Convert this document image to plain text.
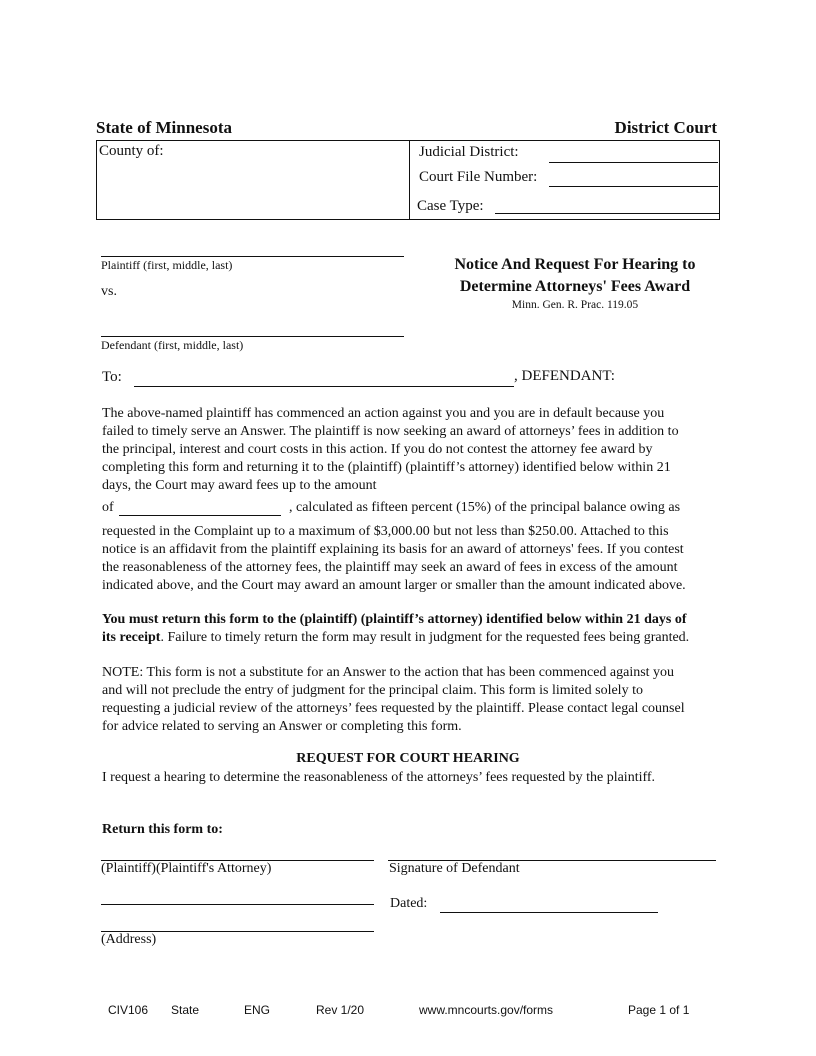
State of Minnesota	District Court
County of:	Judicial District:
Court File Number:
Case Type:
Plaintiff (first, middle, last)
vs.
Defendant (first, middle, last)
Notice And Request For Hearing to
Determine Attorneys' Fees Award
Minn. Gen. R. Prac. 119.05
To:	, DEFENDANT:
The above-named plaintiff has commenced an action against you and you are in default because you
failed to timely serve an Answer. The plaintiff is now seeking an award of attorneys’ fees in addition to
the principal, interest and court costs in this action. If you do not contest the attorney fee award by
completing this form and returning it to the (plaintiff) (plaintiff’s attorney) identified below within 21
days, the Court may award fees up to the amount
of	, calculated as fifteen percent (15%) of the principal balance owing as
requested in the Complaint up to a maximum of $3,000.00 but not less than $250.00. Attached to this
notice is an affidavit from the plaintiff explaining its basis for an award of attorneys' fees. If you contest
the reasonableness of the attorney fees, the plaintiff may seek an award of fees in excess of the amount
indicated above, and the Court may award an amount larger or smaller than the amount indicated above.
You must return this form to the (plaintiff) (plaintiff’s attorney) identified below within 21 days of
its receipt. Failure to timely return the form may result in judgment for the requested fees being granted.
NOTE: This form is not a substitute for an Answer to the action that has been commenced against you
and will not preclude the entry of judgment for the principal claim. This form is limited solely to
requesting a judicial review of the attorneys’ fees requested by the plaintiff. Please contact legal counsel
for advice related to serving an Answer or completing this form.
REQUEST FOR COURT HEARING
I request a hearing to determine the reasonableness of the attorneys’ fees requested by the plaintiff.
Return this form to:
(Plaintiff)(Plaintiff's Attorney)	Signature of Defendant
Dated:
(Address)
CIV106 State	ENG	Rev 1/20	www.mncourts.gov/forms	Page 1 of 1
